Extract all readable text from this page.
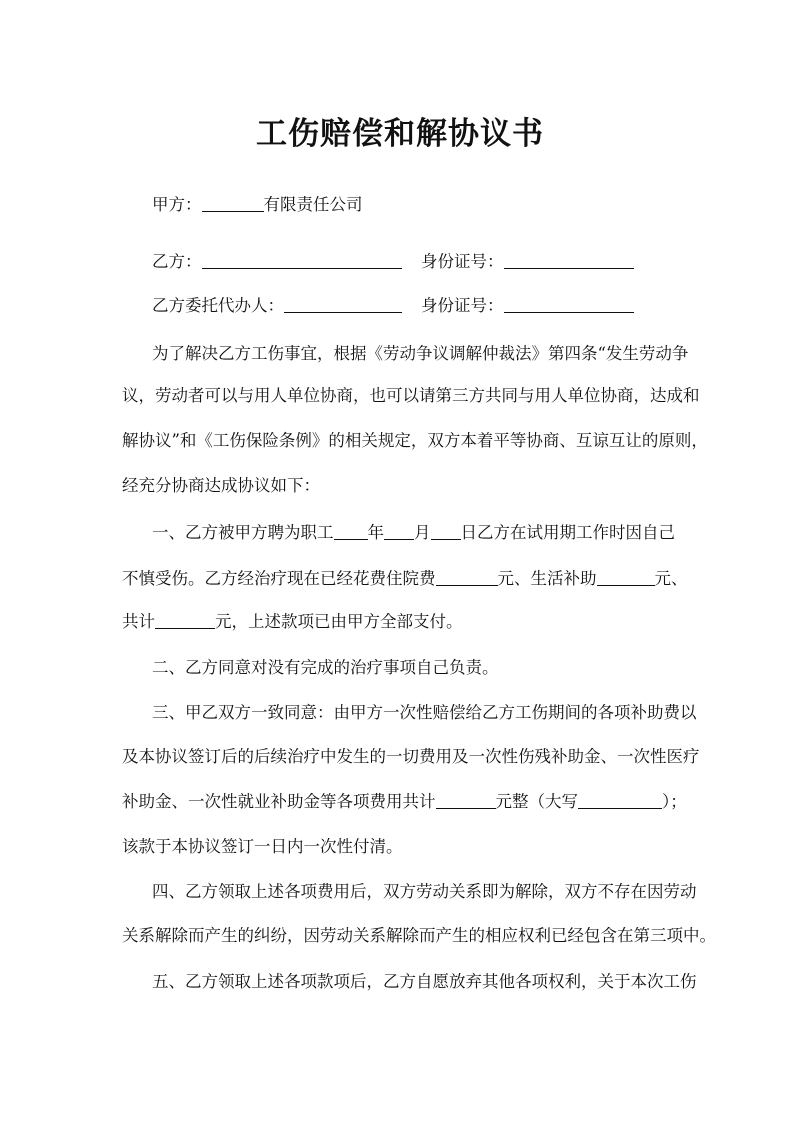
工伤赔偿和解协议书
甲方：	有限责任公司
乙方：	身份证号：
乙方委托代办人：	身份证号：
为了解决乙方工伤事宜，根据《劳动争议调解仲裁法》第四条“发生劳动争
议，劳动者可以与用人单位协商，也可以请第三方共同与用人单位协商，达成和
解协议”和《工伤保险条例》的相关规定，双方本着平等协商、互谅互让的原则，
经充分协商达成协议如下：
一、乙方被甲方聘为职工 年 月 日乙方在试用期工作时因自己
不慎受伤。乙方经治疗现在已经花费住院费	元、生活补助	元、
共计	元，上述款项已由甲方全部支付。
二、乙方同意对没有完成的治疗事项自己负责。
三、甲乙双方一致同意：由甲方一次性赔偿给乙方工伤期间的各项补助费以
及本协议签订后的后续治疗中发生的一切费用及一次性伤残补助金、一次性医疗
补助金、一次性就业补助金等各项费用共计	元整（大写	）；
该款于本协议签订一日内一次性付清。
四、乙方领取上述各项费用后，双方劳动关系即为解除，双方不存在因劳动
关系解除而产生的纠纷，因劳动关系解除而产生的相应权利已经包含在第三项中。
五、乙方领取上述各项款项后，乙方自愿放弃其他各项权利，关于本次工伤
